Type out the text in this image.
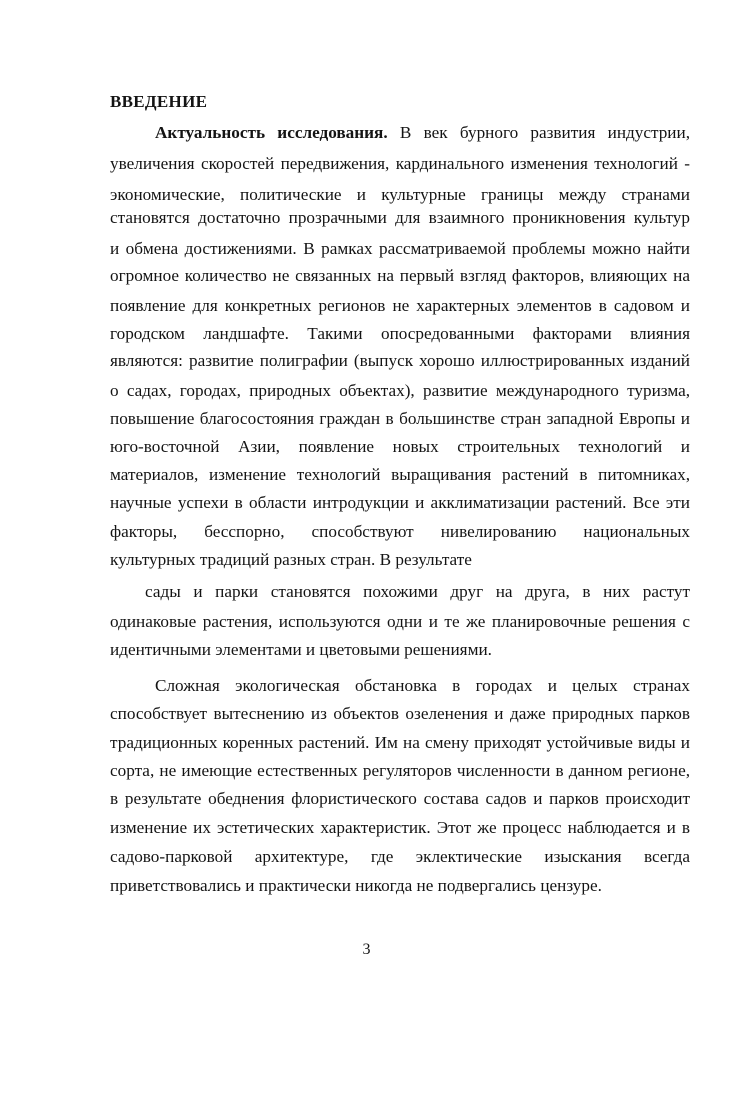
ВВЕДЕНИЕ
Актуальность исследования. В век бурного развития индустрии,
увеличения скоростей передвижения, кардинального изменения технологий -
экономические, политические и культурные границы между странами
становятся достаточно прозрачными для взаимного проникновения культур
и обмена достижениями. В рамках рассматриваемой проблемы можно найти
огромное количество не связанных на первый взгляд факторов, влияющих на
появление для конкретных регионов не характерных элементов в садовом и
городском ландшафте. Такими опосредованными факторами влияния
являются: развитие полиграфии (выпуск хорошо иллюстрированных изданий
о садах, городах, природных объектах), развитие международного туризма,
повышение благосостояния граждан в большинстве стран западной Европы и
юго-восточной Азии, появление новых строительных технологий и
материалов, изменение технологий выращивания растений в питомниках,
научные успехи в области интродукции и акклиматизации растений. Все эти
факторы, бесспорно, способствуют нивелированию национальных
культурных традиций разных стран. В результате
сады и парки становятся похожими друг на друга, в них растут
одинаковые растения, используются одни и те же планировочные решения с
идентичными элементами и цветовыми решениями.
Сложная экологическая обстановка в городах и целых странах
способствует вытеснению из объектов озеленения и даже природных парков
традиционных коренных растений. Им на смену приходят устойчивые виды и
сорта, не имеющие естественных регуляторов численности в данном регионе,
в результате обеднения флористического состава садов и парков происходит
изменение их эстетических характеристик. Этот же процесс наблюдается и в
садово-парковой архитектуре, где эклектические изыскания всегда
приветствовались и практически никогда не подвергались цензуре.
3
